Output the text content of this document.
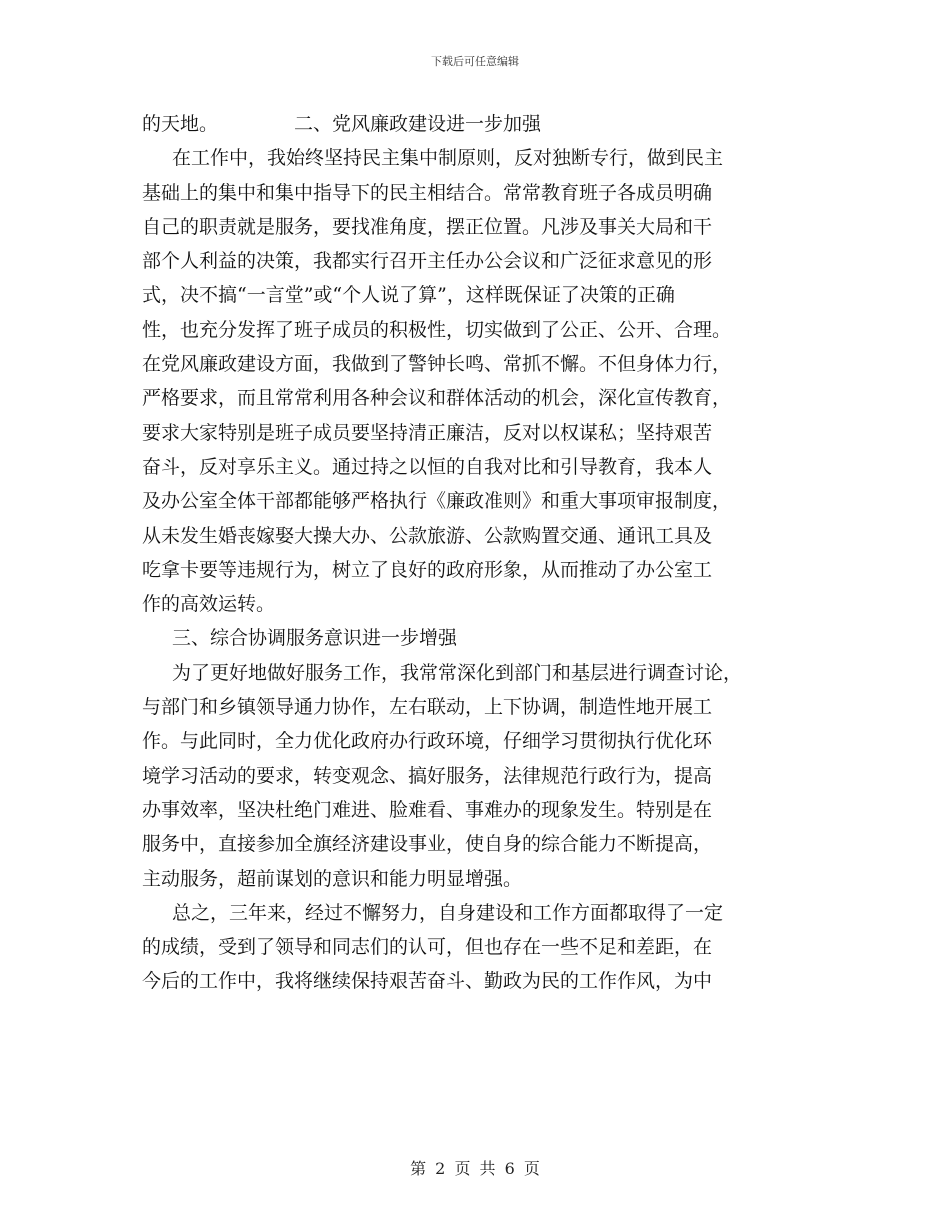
下载后可任意编辑
的天地。	二、党风廉政建设进一步加强
在工作中，我始终坚持民主集中制原则，反对独断专行，做到民主
基础上的集中和集中指导下的民主相结合。常常教育班子各成员明确
自己的职责就是服务，要找准角度，摆正位置。凡涉及事关大局和干
部个人利益的决策，我都实行召开主任办公会议和广泛征求意见的形
式，决不搞“一言堂”或“个人说了算”，这样既保证了决策的正确
性，也充分发挥了班子成员的积极性，切实做到了公正、公开、合理。
在党风廉政建设方面，我做到了警钟长鸣、常抓不懈。不但身体力行，
严格要求，而且常常利用各种会议和群体活动的机会，深化宣传教育，
要求大家特别是班子成员要坚持清正廉洁，反对以权谋私；坚持艰苦
奋斗，反对享乐主义。通过持之以恒的自我对比和引导教育，我本人
及办公室全体干部都能够严格执行《廉政准则》和重大事项审报制度，
从未发生婚丧嫁娶大操大办、公款旅游、公款购置交通、通讯工具及
吃拿卡要等违规行为，树立了良好的政府形象，从而推动了办公室工
作的高效运转。
三、综合协调服务意识进一步增强
为了更好地做好服务工作，我常常深化到部门和基层进行调查讨论，
与部门和乡镇领导通力协作，左右联动，上下协调，制造性地开展工
作。与此同时，全力优化政府办行政环境，仔细学习贯彻执行优化环
境学习活动的要求，转变观念、搞好服务，法律规范行政行为，提高
办事效率，坚决杜绝门难进、脸难看、事难办的现象发生。特别是在
服务中，直接参加全旗经济建设事业，使自身的综合能力不断提高，
主动服务，超前谋划的意识和能力明显增强。
总之，三年来，经过不懈努力，自身建设和工作方面都取得了一定
的成绩，受到了领导和同志们的认可，但也存在一些不足和差距，在
今后的工作中，我将继续保持艰苦奋斗、勤政为民的工作作风，为中
第 2 页 共 6 页
